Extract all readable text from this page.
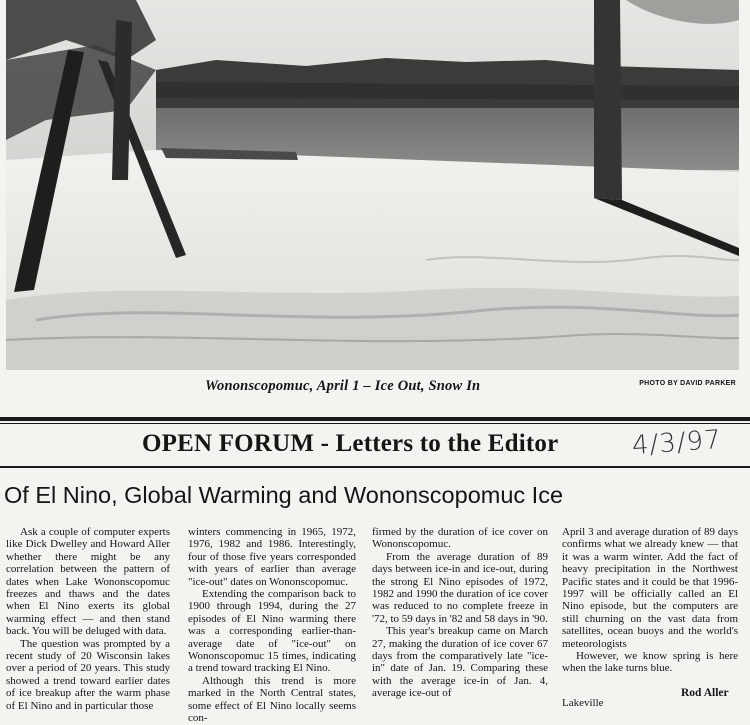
Wononscopomuc, April 1 – Ice Out, Snow In	PHOTO BY DAVID PARKER
OPEN FORUM - Letters to the Editor	4/3/97
Of El Nino, Global Warming and Wononscopomuc Ice

Ask a couple of computer experts like Dick Dwelley and Howard Aller whether there might be any correlation between the pattern of dates when Lake Wononscopomuc freezes and thaws and the dates when El Nino exerts its global warming effect — and then stand back. You will be deluged with data.

The question was prompted by a recent study of 20 Wisconsin lakes over a period of 20 years. This study showed a trend toward earlier dates of ice breakup after the warm phase of El Nino and in particular those

winters commencing in 1965, 1972, 1976, 1982 and 1986. Interestingly, four of those five years corresponded with years of earlier than average "ice-out" dates on Wononscopomuc.

Extending the comparison back to 1900 through 1994, during the 27 episodes of El Nino warming there was a corresponding earlier-than-average date of "ice-out" on Wononscopomuc 15 times, indicating a trend toward tracking El Nino.

Although this trend is more marked in the North Central states, some effect of El Nino locally seems con-

firmed by the duration of ice cover on Wononscopomuc.

From the average duration of 89 days between ice-in and ice-out, during the strong El Nino episodes of 1972, 1982 and 1990 the duration of ice cover was reduced to no complete freeze in '72, to 59 days in '82 and 58 days in '90.

This year's breakup came on March 27, making the duration of ice cover 67 days from the comparatively late "ice-in" date of Jan. 19. Comparing these with the average ice-in of Jan. 4, average ice-out of

April 3 and average duration of 89 days confirms what we already knew — that it was a warm winter. Add the fact of heavy precipitation in the Northwest Pacific states and it could be that 1996-1997 will be officially called an El Nino episode, but the computers are still churning on the vast data from satellites, ocean buoys and the world's meteorologists

However, we know spring is here when the lake turns blue.

Rod Aller
Lakeville
